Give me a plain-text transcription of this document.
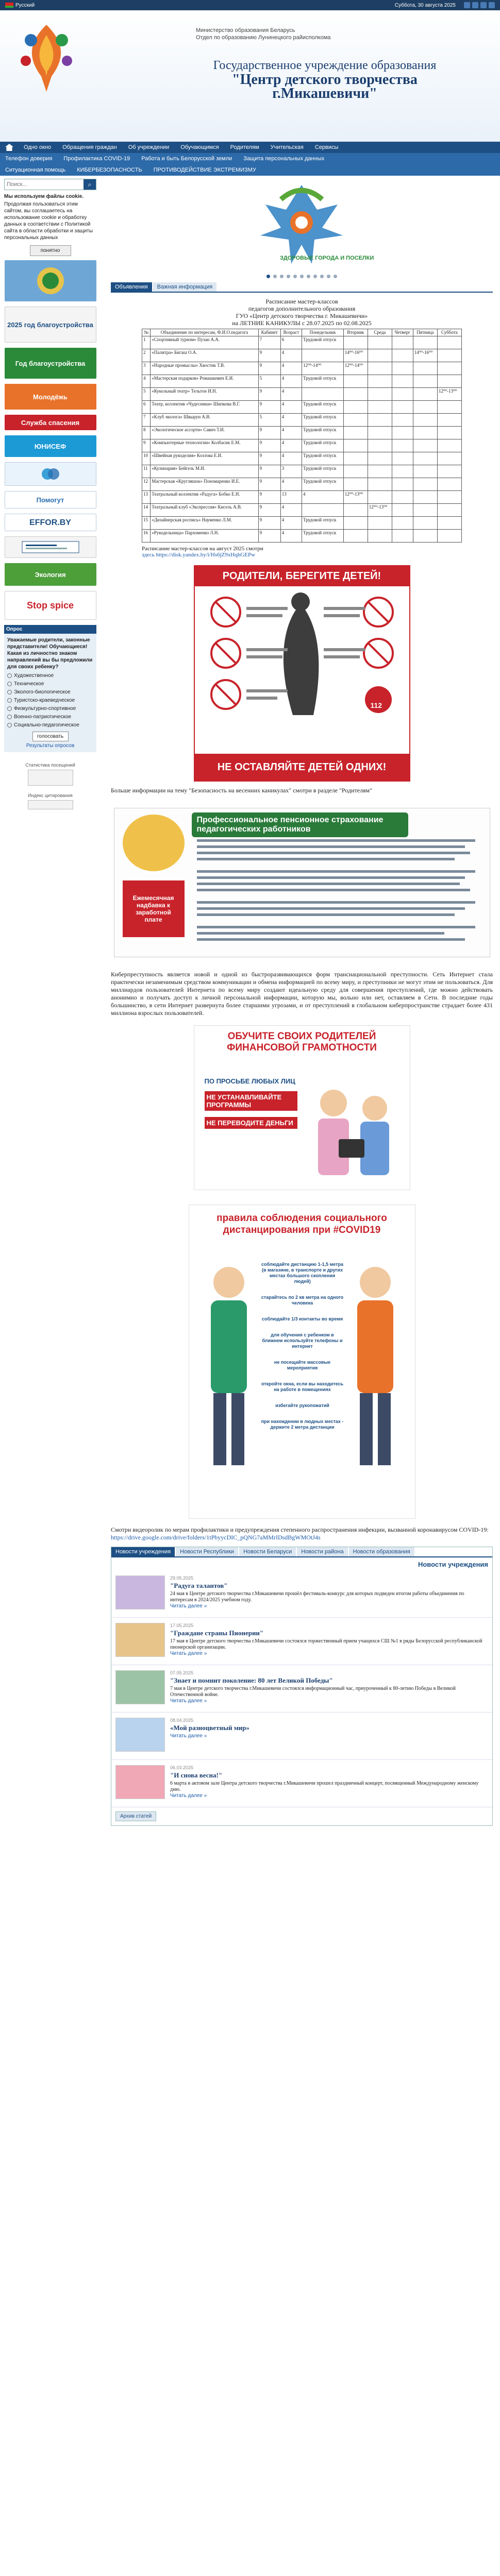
Русский	Суббота, 30 августа 2025
Министерство образования Беларусь
Отдел по образованию Лунинецкого райисполкома
Государственное учреждение образования
"Центр детского творчества
г.Микашевичи"
Одно окно Обращения граждан Об учреждении Обучающимся Родителям Учительская Сервисы
Телефон доверия Профилактика COVID-19 Работа и быть Белорусской земли Защита персональных данных
Ситуационная помощь КИБЕРБЕЗОПАСНОСТЬ ПРОТИВОДЕЙСТВИЕ ЭКСТРЕМИЗМУ
Поиск...
⌕
Мы используем файлы cookie.
Продолжая пользоваться этим сайтом, вы соглашаетесь на использование cookie и обработку данных в соответствии с Политикой сайта в области обработки и защиты персональных данных
понятно
2025 год благоустройства
Год благоустройства
Молодёжь
Служба спасения
ЮНИСЕФ
Помогут
EFFOR.BY
Экология
Stop spice
Опрос
Уважаемые родители, законные представители! Обучающиеся! Какая из личностно знаком направлений вы бы предложили для своих ребенку?
Художественное
Техническое
Эколого-биологическое
Туристско-краеведческое
Физкультурно-спортивное
Военно-патриотическое
Социально-педагогическое
голосовать
Результаты опросов
Статистика посещений
Индекс цитирования
ЗДОРОВЫЕ ГОРОДА И ПОСЕЛКИ
Объявления	Важная информация
Расписание мастер-классов
педагогов дополнительного образования
ГУО «Центр детского творчества г. Микашевичи»
на ЛЕТНИЕ КАНИКУЛЫ с 28.07.2025 по 02.08.2025
№	Объединение по интересам, Ф.И.О.педагога	Кабинет	Возраст	Понедельник	Вторник	Среда	Четверг	Пятница	Суббота
1	«Спортивный туризм» Пузан А.А.	7	6	Трудовой отпуск					
2	«Палитра» Бигаш О.А.	9	4		14⁰⁰-16⁰⁰			14⁰⁰-16⁰⁰	
3	«Народные промыслы» Хвостик Т.В.	9	4	12⁰⁰-14⁰⁰	12⁰⁰-14⁰⁰				
4	«Мастерская подарков» Ромашкевич Е.И.	5	4	Трудовой отпуск					
5	«Кукольный театр» Тельтон И.Н.	9	4						12⁰⁰-13⁰⁰
6	Театр, коллектив «Чудесники» Шипкова В.Г.	9	4	Трудовой отпуск					
7	«Клуб эколога» Швырун А.В.	5	4	Трудовой отпуск					
8	«Экологическое ассорти» Савич Т.И.	9	4	Трудовой отпуск					
9	«Компьютерные технологии» Колбасик Е.М.	9	4	Трудовой отпуск					
10	«Швейная рукоделия» Козлова Е.И.	9	4	Трудовой отпуск					
11	«Кулинария» Бейгель М.И.	9	3	Трудовой отпуск					
12	Мастерская «Кругляшок» Пономаренко И.Е.	9	4	Трудовой отпуск					
13	Театральный коллектив «Радуга» Бобко Е.Н.	9	13	4	12⁰⁰-13⁰⁰				
14	Театральный клуб «Экспрессия» Кисель А.В.	9	4			12⁰⁰-13⁰⁰			
15	«Дизайнерская роспись» Науменко Л.М.	9	4	Трудовой отпуск					
16	«Рукодельница» Пархоменко Л.Н.	9	4	Трудовой отпуск					
Расписание мастер-классов на август 2025 смотри
здесь https://disk.yandex.by/i/Hs6jZ9xHqhGEPw
РОДИТЕЛИ, БЕРЕГИТЕ ДЕТЕЙ!
112
НЕ ОСТАВЛЯЙТЕ ДЕТЕЙ ОДНИХ!
Больше информации на тему "Безопасность на весенних каникулах" смотри в разделе "Родителям"
Профессиональное пенсионное страхование педагогических работников
Ежемесячная надбавка к заработной плате
Киберпреступность является новой и одной из быстроразвивающихся форм транснациональной преступности. Сеть Интернет стала практически незаменимым средством коммуникации и обмена информацией по всему миру, и преступники не могут этим не пользоваться. Для миллиардов пользователей Интернета по всему миру создают идеальную среду для совершения преступлений, где можно действовать анонимно и получать доступ к личной персональной информации, которую мы, вольно или нет, оставляем в Сети. В последние годы большинство, в сети Интернет развернута более старшими угрозами, и от преступлений в глобальном киберпространстве страдает более 431 миллиона взрослых пользователей.
ОБУЧИТЕ СВОИХ РОДИТЕЛЕЙ ФИНАНСОВОЙ ГРАМОТНОСТИ
ПО ПРОСЬБЕ ЛЮБЫХ ЛИЦ
НЕ УСТАНАВЛИВАЙТЕ ПРОГРАММЫ
НЕ ПЕРЕВОДИТЕ ДЕНЬГИ
правила соблюдения социального дистанцирования при #COVID19
соблюдайте дистанцию 1-1,5 метра (в магазине, в транспорте и других местах большого скопления людей)
старайтесь по 2 кв метра на одного человека
соблюдайте 1/3 контакты во время
для обучения с ребенком в ближнем используйте телефоны и интернет
не посещайте массовые мероприятия
откройте окна, если вы находитесь на работе в помещениях
избегайте рукопожатий
при нахождении в людных местах - держите 2 метра дистанции
Смотри видеоролик по мерам профилактики и предупреждения степенного распространения инфекции, вызванной коронавирусом COVID-19: https://drive.google.com/drive/folders/1tPbyycDIC_pQNG7aMMrIDsdBgWMOtJ4s
Новости учреждения	Новости Республики	Новости Беларуси	Новости района	Новости образования
Новости учреждения
29.05.2025
"Радуга талантов"
24 мая в Центре детского творчества г.Микашевичи прошёл фестиваль-конкурс для которых подведен итогом работы объединения по интересам в 2024/2025 учебном году.
Читать далее »
17.05.2025
"Граждане страны Пионерии"
17 мая в Центре детского творчества г.Микашевичи состоялся торжественный прием учащихся СШ №1 в ряды Белорусской республиканской пионерской организации.
Читать далее »
07.05.2025
"Знает и помнит поколение: 80 лет Великой Победы"
7 мая в Центре детского творчества г.Микашевичи состоялся информационный час, приуроченный к 80-летию Победы в Великой Отечественной войне.
Читать далее »
08.04.2025
«Мой разноцветный мир»
Читать далее »
06.03.2025
"И снова весна!"
6 марта в актовом зале Центра детского творчества г.Микашевичи прошел праздничный концерт, посвященный Международному женскому дню.
Читать далее »
Архив статей
